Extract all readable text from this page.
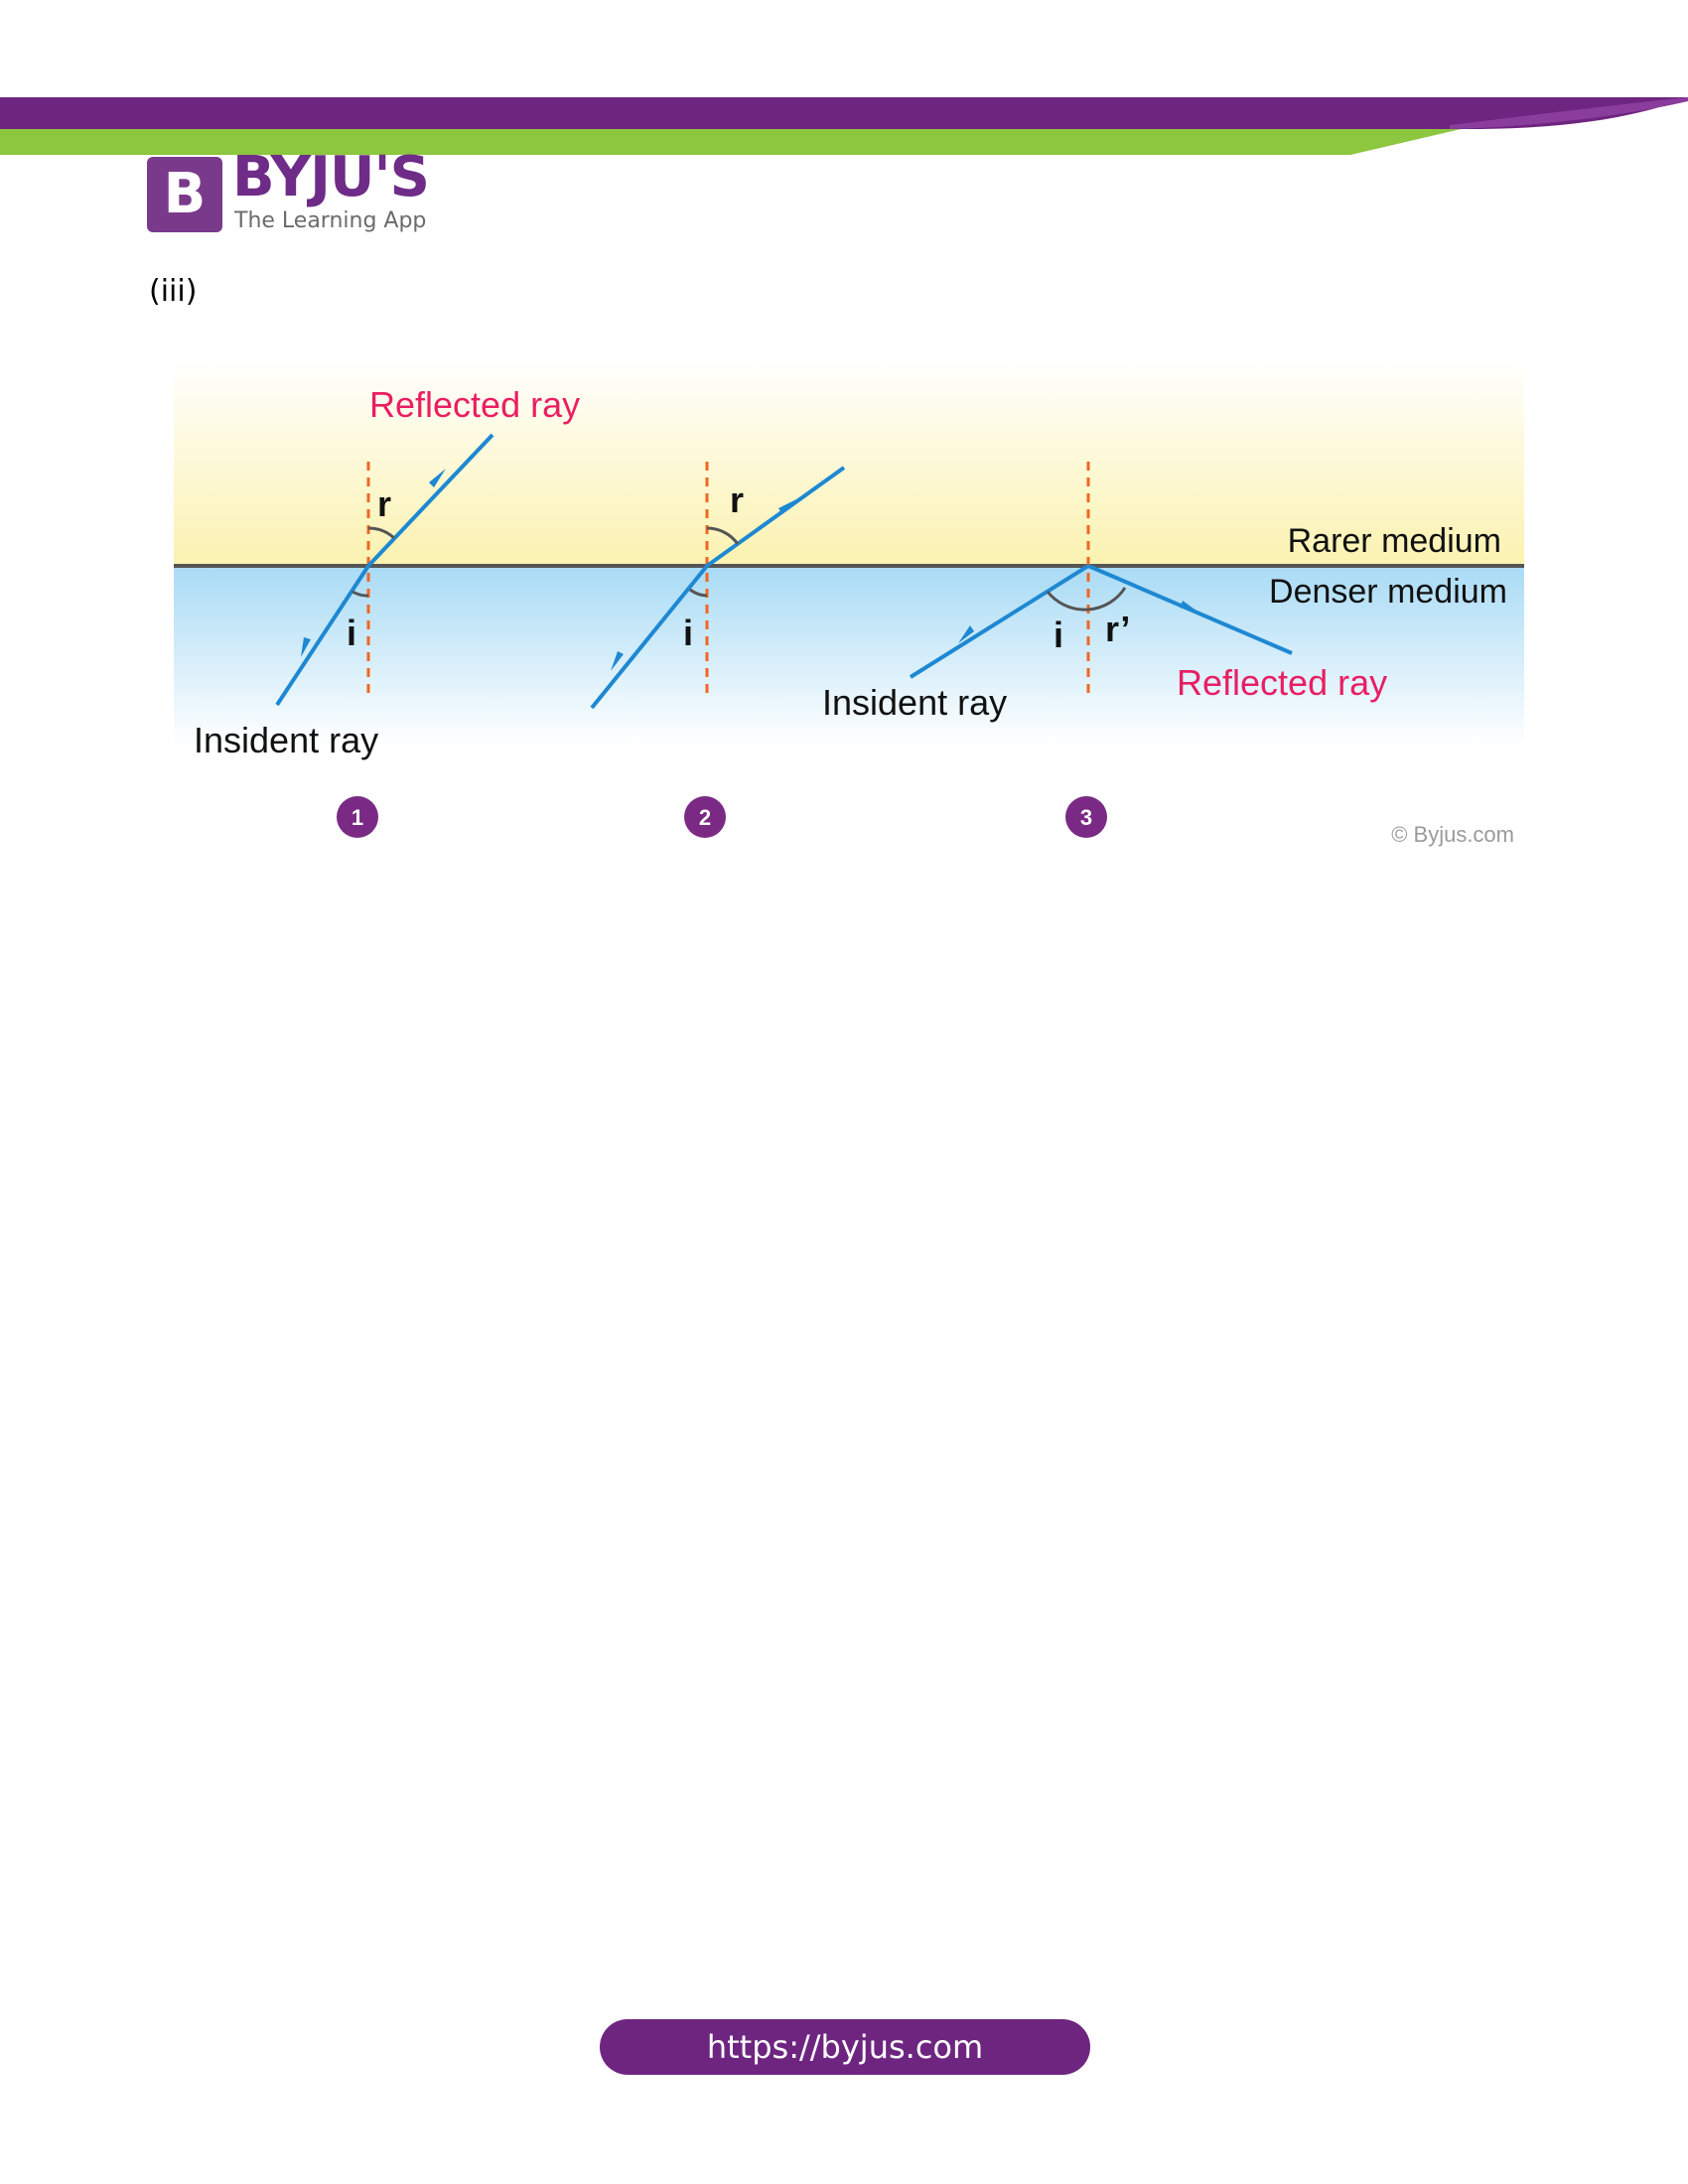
B BYJU'S
The Learning App
(iii)
Reflected ray
Insident ray
r
i
r
i
Rarer medium
Denser medium
i r’
Insident ray	Reflected ray
1	2	3
© Byjus.com
https://byjus.com
